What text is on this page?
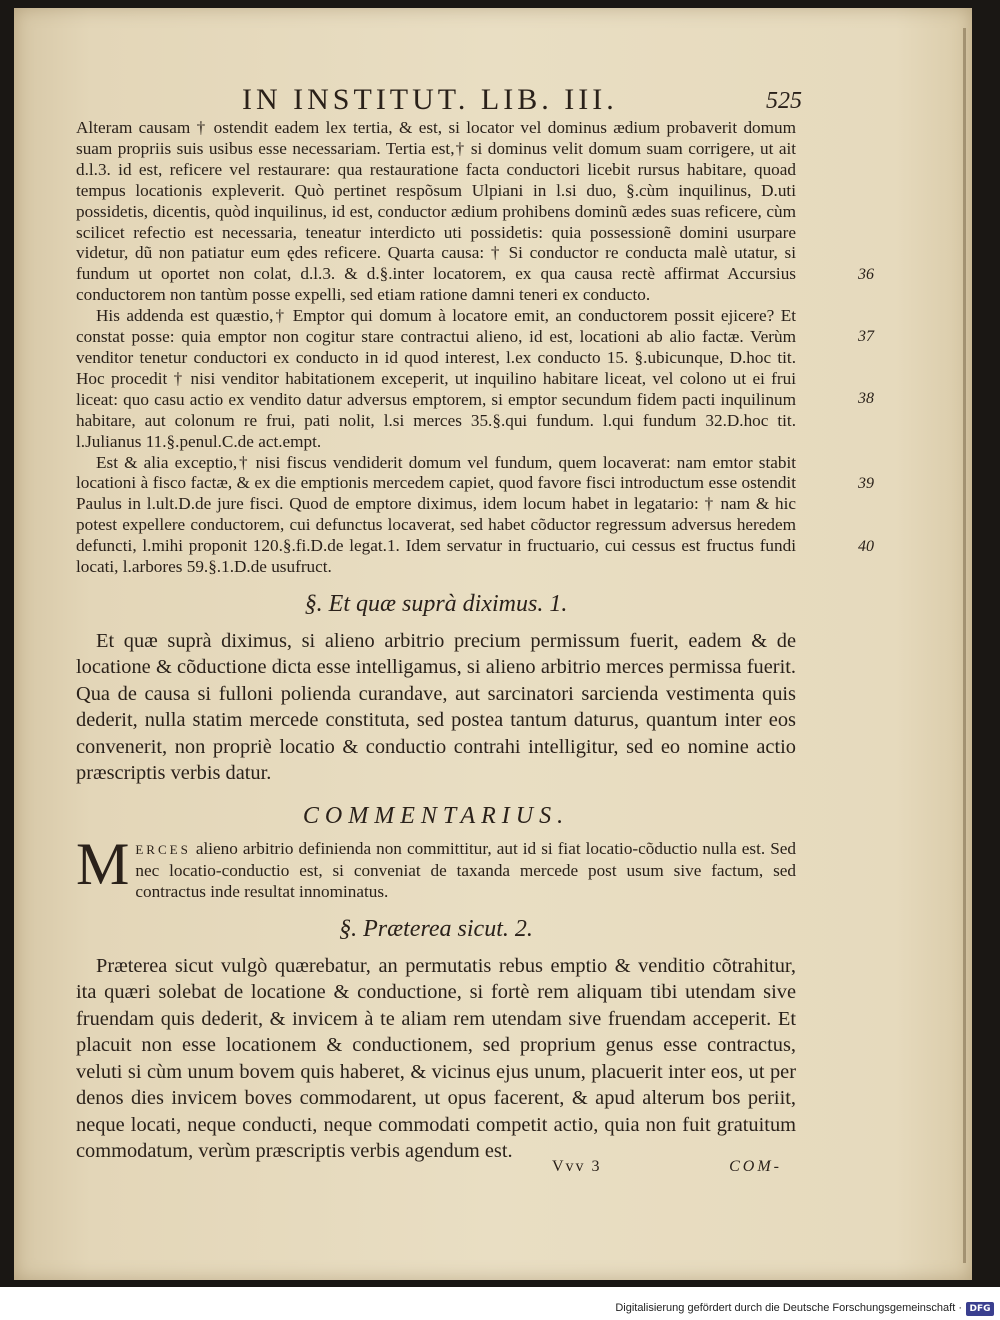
IN INSTITUT. LIB. III.	525

Alteram causam † ostendit eadem lex tertia, & est, si locator vel dominus ædium probaverit domum suam propriis suis usibus esse necessariam. Tertia est,† si dominus velit domum suam corrigere, ut ait d.l.3. id est, reficere vel restaurare: qua restauratione facta conductori licebit rursus habitare, quoad tempus locationis expleverit. Quò pertinet respõsum Ulpiani in l.si duo, §.cùm inquilinus, D.uti possidetis, dicentis, quòd inquilinus, id est, conductor ædium prohibens dominũ ædes suas reficere, cùm scilicet refectio est necessaria, teneatur interdicto uti possidetis: quia possessionẽ domini usurpare videtur, dũ non patiatur eum ędes reficere. Quarta causa: † Si conductor re conducta malè utatur, si fundum ut oportet non colat, d.l.3. & d.§.inter locatorem, ex qua causa rectè affirmat Accursius conductorem non tantùm posse expelli, sed etiam ratione damni teneri ex conducto.

His addenda est quæstio,† Emptor qui domum à locatore emit, an conductorem possit ejicere? Et constat posse: quia emptor non cogitur stare contractui alieno, id est, locationi ab alio factæ. Verùm venditor tenetur conductori ex conducto in id quod interest, l.ex conducto 15. §.ubicunque, D.hoc tit. Hoc procedit † nisi venditor habitationem exceperit, ut inquilino habitare liceat, vel colono ut ei frui liceat: quo casu actio ex vendito datur adversus emptorem, si emptor secundum fidem pacti inquilinum habitare, aut colonum re frui, pati nolit, l.si merces 35.§.qui fundum. l.qui fundum 32.D.hoc tit. l.Julianus 11.§.penul.C.de act.empt.

Est & alia exceptio,† nisi fiscus vendiderit domum vel fundum, quem locaverat: nam emtor stabit locationi à fisco factæ, & ex die emptionis mercedem capiet, quod favore fisci introductum esse ostendit Paulus in l.ult.D.de jure fisci. Quod de emptore diximus, idem locum habet in legatario: † nam & hic potest expellere conductorem, cui defunctus locaverat, sed habet cõductor regressum adversus heredem defuncti, l.mihi proponit 120.§.fi.D.de legat.1. Idem servatur in fructuario, cui cessus est fructus fundi locati, l.arbores 59.§.1.D.de usufruct.

§. Et quæ suprà diximus. 1.

Et quæ suprà diximus, si alieno arbitrio precium permissum fuerit, eadem & de locatione & cõductione dicta esse intelligamus, si alieno arbitrio merces permissa fuerit. Qua de causa si fulloni polienda curandave, aut sarcinatori sarcienda vestimenta quis dederit, nulla statim mercede constituta, sed postea tantum daturus, quantum inter eos convenerit, non propriè locatio & conductio contrahi intelligitur, sed eo nomine actio præscriptis verbis datur.

COMMENTARIUS.

MERCES alieno arbitrio definienda non committitur, aut id si fiat locatio-cõductio nulla est. Sed nec locatio-conductio est, si conveniat de taxanda mercede post usum sive factum, sed contractus inde resultat innominatus.

§. Præterea sicut. 2.

Præterea sicut vulgò quærebatur, an permutatis rebus emptio & venditio cõtrahitur, ita quæri solebat de locatione & conductione, si fortè rem aliquam tibi utendam sive fruendam quis dederit, & invicem à te aliam rem utendam sive fruendam acceperit. Et placuit non esse locationem & conductionem, sed proprium genus esse contractus, veluti si cùm unum bovem quis haberet, & vicinus ejus unum, placuerit inter eos, ut per denos dies invicem boves commodarent, ut opus facerent, & apud alterum bos periit, neque locati, neque conducti, neque commodati competit actio, quia non fuit gratuitum commodatum, verùm præscriptis verbis agendum est.

36
37
38
39
40
Vvv 3	COM-
Digitalisierung gefördert durch die Deutsche Forschungsgemeinschaft · DFG
